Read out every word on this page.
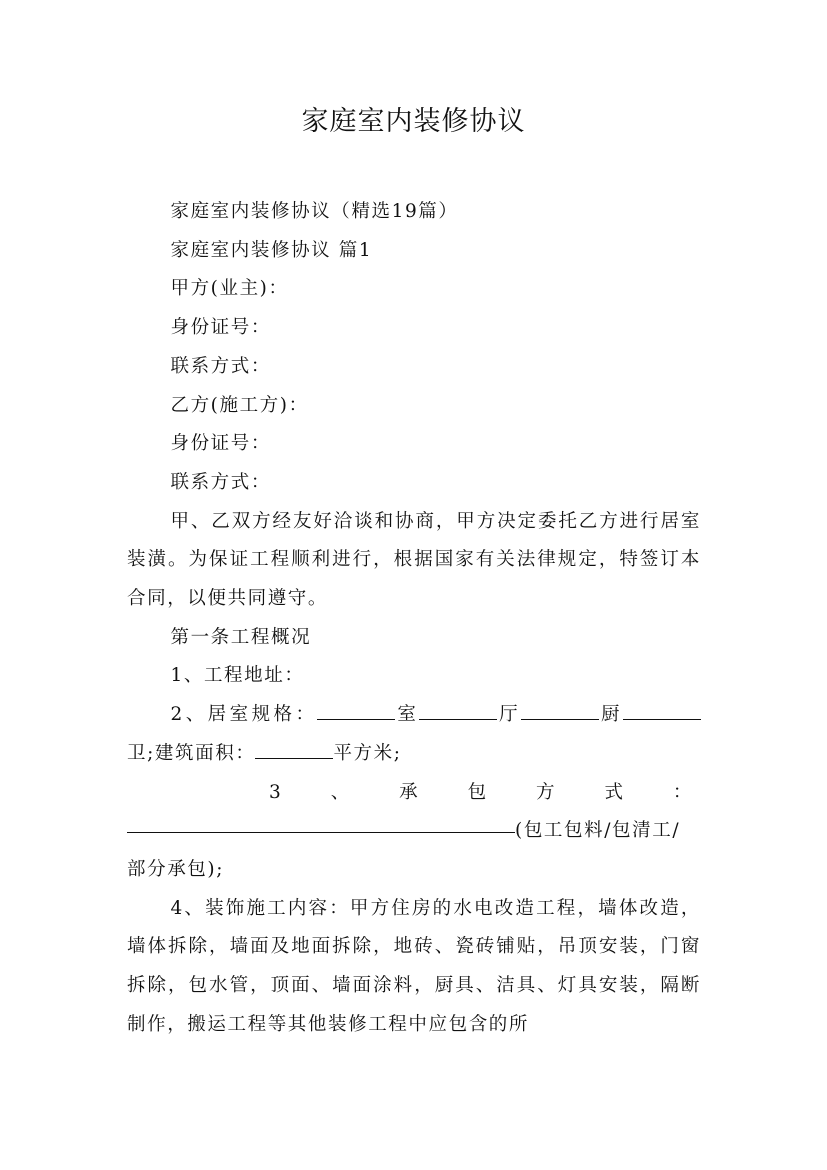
家庭室内装修协议

家庭室内装修协议（精选19篇）

家庭室内装修协议 篇1

甲方(业主)：

身份证号：

联系方式：

乙方(施工方)：

身份证号：

联系方式：

甲、乙双方经友好洽谈和协商，甲方决定委托乙方进行居室装潢。为保证工程顺利进行，根据国家有关法律规定，特签订本合同，以便共同遵守。

第一条工程概况

1、工程地址：

2、居室规格：	室	厅	厨卫;建筑面积：	平方米;

3	、	承	包	方	式	：
(包工包料/包清工/
部分承包);

4、装饰施工内容：甲方住房的水电改造工程，墙体改造，墙体拆除，墙面及地面拆除，地砖、瓷砖铺贴，吊顶安装，门窗拆除，包水管，顶面、墙面涂料，厨具、洁具、灯具安装，隔断制作，搬运工程等其他装修工程中应包含的所
